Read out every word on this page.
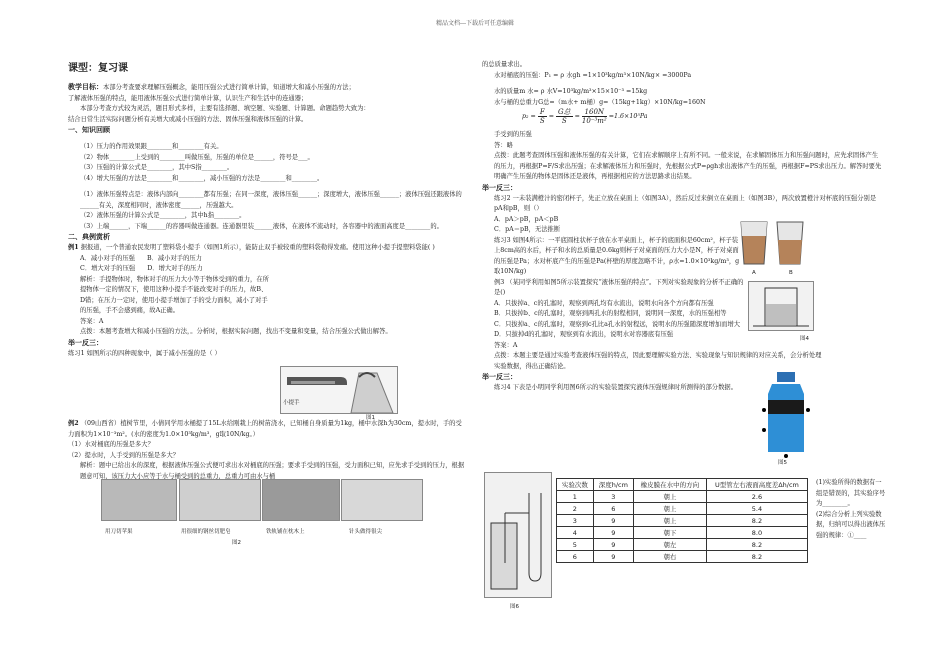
精品文档---下载后可任意编辑
课型：复习课

教学目标：本部分考查要求理解压强概念，能用压强公式进行简单计算，知道增大和减小压强的方法；

了解液体压强的特点，能用液体压强公式进行简单计算，认识生产和生活中的连通器；

本部分考查方式较为灵活，题目形式多样，主要有选择题、填空题、实验题、计算题。命题趋势大致为：

结合日常生活实际问题分析有关增大或减小压强的方法、固体压强和液体压强的计算。

一、知识回顾

（1）压力的作用效果跟________和________有关。

（2）物体________上受到的________叫做压强，压强的单位是______，符号是___。

（3）压强的计算公式是________，其中S指________。

（4）增大压强的方法是________和________，减小压强的方法是________和________。

（1）液体压强特点是：液体内部向________都有压强；在同一深度，液体压强______；深度增大，液体压强______；液体压强还跟液体的______有关，深度相同时，液体密度______，压强越大。

（2）液体压强的计算公式是________，其中h指________。

（3）上端______，下端______的容器叫做连通器。连通器里装______液体，在液体不流动时，各容器中的液面高度是________的。

二、典例赏析

例1 据报道，一个普通农民发明了塑料袋小提手（如图1所示），能防止双手被较重的塑料袋勒得发痛。使用这种小提手提塑料袋能( )

A．减小对手的压强 B．减小对手的压力

C．增大对手的压强 D．增大对手的压力

解析：手提物体时，物体对手的压力大小等于物体受到的重力，在所提物体一定的情况下，使用这种小提手不能改变对手的压力，故B、D错；在压力一定时，使用小提手增加了手的受力面积，减小了对手的压强，手不会感到痛，故A正确。

答案：A

点拨：本题考查增大和减小压强的方法，。分析时，根据实际问题，找出不变量和变量，结合压强公式做出解答。

举一反三：

练习1 如图所示的四种现象中，属于减小压强的是（ ）

例2 （09山西省）植树节里，小倩同学用水桶提了15L水给刚栽上的树苗浇水，已知桶自身质量为1kg，桶中水深h为30cm，提水时，手的受力面积为1×10⁻³m²。(水的密度为1.0×10³kg/m³，g取10N/kg。）

（1）水对桶底的压强是多大？

（2）提水时，人手受到的压强是多大？

解析：题中已给出水的深度，根据液体压强公式便可求出水对桶底的压强；要求手受到的压强，受力面积已知，应先求手受到的压力，根据题意可知，该压力大小应等于水与桶受到的总重力，总重力可由水与桶

小提手
图1
用刀切苹果	用很细的钢丝切肥皂	铁轨铺在枕木上	针头做得很尖
图2

的总质量求出。

水对桶底的压强：P₁ = ρ 水gh =1×10³kg/m³×10N/kg× =3000Pa

水的质量m 水= ρ 水V=10³kg/m³×15×10⁻³ =15kg

水与桶的总重力G总=（m水+ m桶）g=（15kg+1kg）×10N/kg=160N

$p_2 = \frac{F}{S} = \frac{\text{G总}}{S} = \frac{160N}{\text{10⁻³m²}} =1.6\times 10^5Pa$

手受到的压强

答：略

点拨：此题考查固体压强和液体压强的有关计算，它们在求解顺序上有所不同。一般来说，在求解固体压力和压强问题时，应先求固体产生的压力，再根据P=F/S求出压强；在求解液体压力和压强时，先根据公式P=ρgh求出液体产生的压强，再根据F=PS求出压力。解答时要先明确产生压强的物体是固体还是液体，再根据相应的方法思路求出结果。

举一反三：

练习2 一未装满橙汁的密闭杯子，先正立放在桌面上（如图3A），然后反过来倒立在桌面上（如图3B），两次放置橙汁对杯底的压强分别是pA和pB，则（）

A．pA＞pB，pA＜pB

C．pA＝pB，无法推断

练习3 如图4所示：一平底圆柱状杯子放在水平桌面上，杯子的底面积是60cm²，杯子装上8cm高的水后，杯子和水的总质量是0.6kg则杯子对桌面的压力大小是N，杯子对桌面的压强是Pa；水对杯底产生的压强是Pa(杯壁的厚度忽略不计，ρ水=1.0×10³kg/m³，g取10N/kg)

例3 （某同学利用如图5所示装置探究“液体压强的特点”。下列对实验现象的分析不正确的是()

A．只拔掉a、c的孔塞时，观察到两孔均有水流出，说明水向各个方向都有压强

B．只拔掉b、c的孔塞时，观察到两孔水的射程相同，说明同一深度，水的压强相等

C．只拔掉a、c的孔塞时，观察到c孔比a孔水的射程远，说明水的压强随深度增加而增大

D．只拔掉d的孔塞时，观察到有水流出，说明水对容器底有压强

答案：A

点拨：本题主要是通过实验考查液体压强的特点，因此要理解实验方法、实验现象与知识规律的对应关系，会分析处理实验数据，得出正确结论。

举一反三：

练习4 下表是小明同学利用图6所示的实验装置探究液体压强规律时所测得的部分数据。

A	B
图4
图5
图6
实验次数	深度h/cm	橡皮膜在水中的方向	U型管左右液面高度差Δh/cm
1	3	朝上	2.6
2	6	朝上	5.4
3	9	朝上	8.2
4	9	朝下	8.0
5	9	朝左	8.2
6	9	朝右	8.2

(1)实验所得的数据有一组是错误的，其实验序号为________。

(2)综合分析上列实验数据，归纳可以得出液体压强的规律：①____
